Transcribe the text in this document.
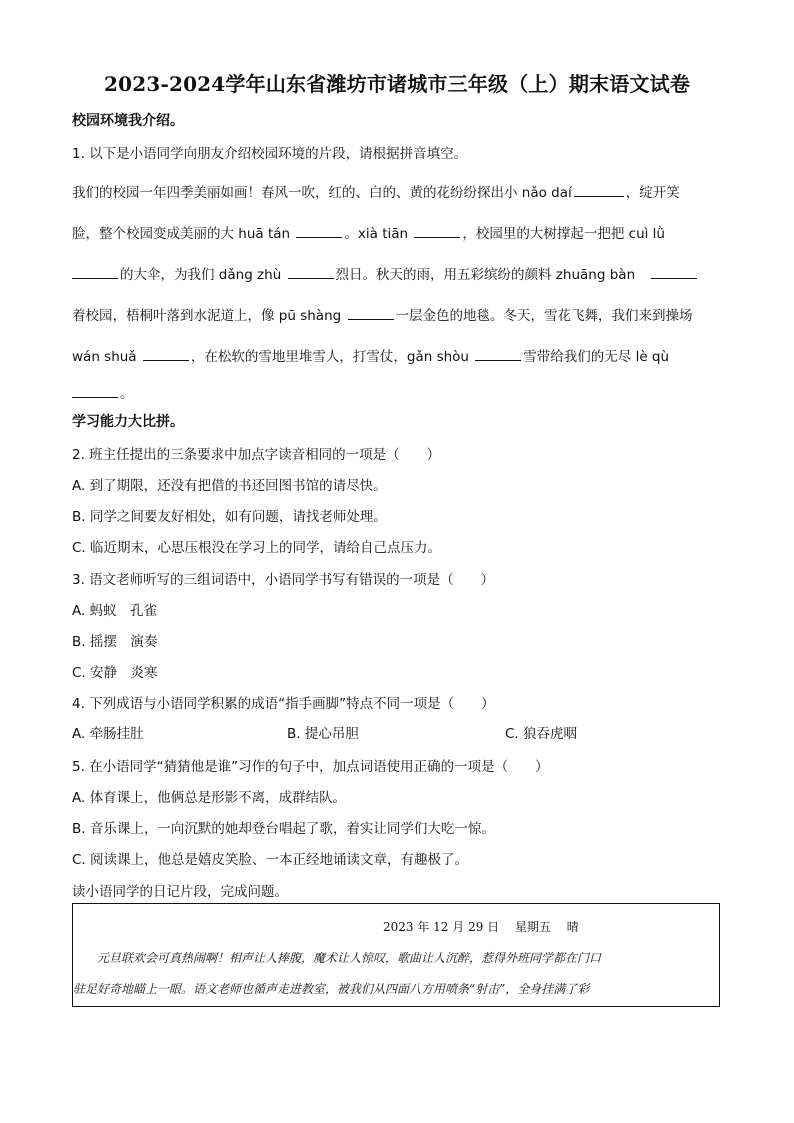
2023-2024学年山东省潍坊市诸城市三年级（上）期末语文试卷
校园环境我介绍。
1. 以下是小语同学向朋友介绍校园环境的片段，请根据拼音填空。
我们的校园一年四季美丽如画！春风一吹，红的、白的、黄的花纷纷探出小 nǎo daí	，绽开笑
脸，整个校园变成美丽的大 huā tán	。xià tiān	，校园里的大树撑起一把把 cuì lǜ
的大伞，为我们 dǎng zhù	烈日。秋天的雨，用五彩缤纷的颜料 zhuāng bàn　
着校园，梧桐叶落到水泥道上，像 pū shàng	一层金色的地毯。冬天，雪花飞舞，我们来到操场
wán shuǎ	，在松软的雪地里堆雪人，打雪仗，gǎn shòu	雪带给我们的无尽 lè qù
。
学习能力大比拼。
2. 班主任提出的三条要求中加点字读音相同的一项是（　　）
A. 到了期限，还没有把借的书还回图书馆的请尽快。
B. 同学之间要友好相处，如有问题，请找老师处理。
C. 临近期末，心思压根没在学习上的同学，请给自己点压力。
3. 语文老师听写的三组词语中，小语同学书写有错误的一项是（　　）
A. 蚂蚁　孔雀
B. 摇摆　演奏
C. 安静　炎寒
4. 下列成语与小语同学积累的成语“指手画脚”特点不同一项是（　　）
A. 牵肠挂肚	B. 提心吊胆	C. 狼吞虎咽
5. 在小语同学“猜猜他是谁”习作的句子中，加点词语使用正确的一项是（　　）
A. 体育课上，他俩总是形影不离，成群结队。
B. 音乐课上，一向沉默的她却登台唱起了歌，着实让同学们大吃一惊。
C. 阅读课上，他总是嬉皮笑脸、一本正经地诵读文章，有趣极了。
读小语同学的日记片段，完成问题。
2023 年 12 月 29 日　 星期五　 晴
　　元旦联欢会可真热闹啊！相声让人捧腹，魔术让人惊叹，歌曲让人沉醉，惹得外班同学都在门口
驻足好奇地瞄上一眼。语文老师也循声走进教室，被我们从四面八方用喷条“射击”，全身挂满了彩
